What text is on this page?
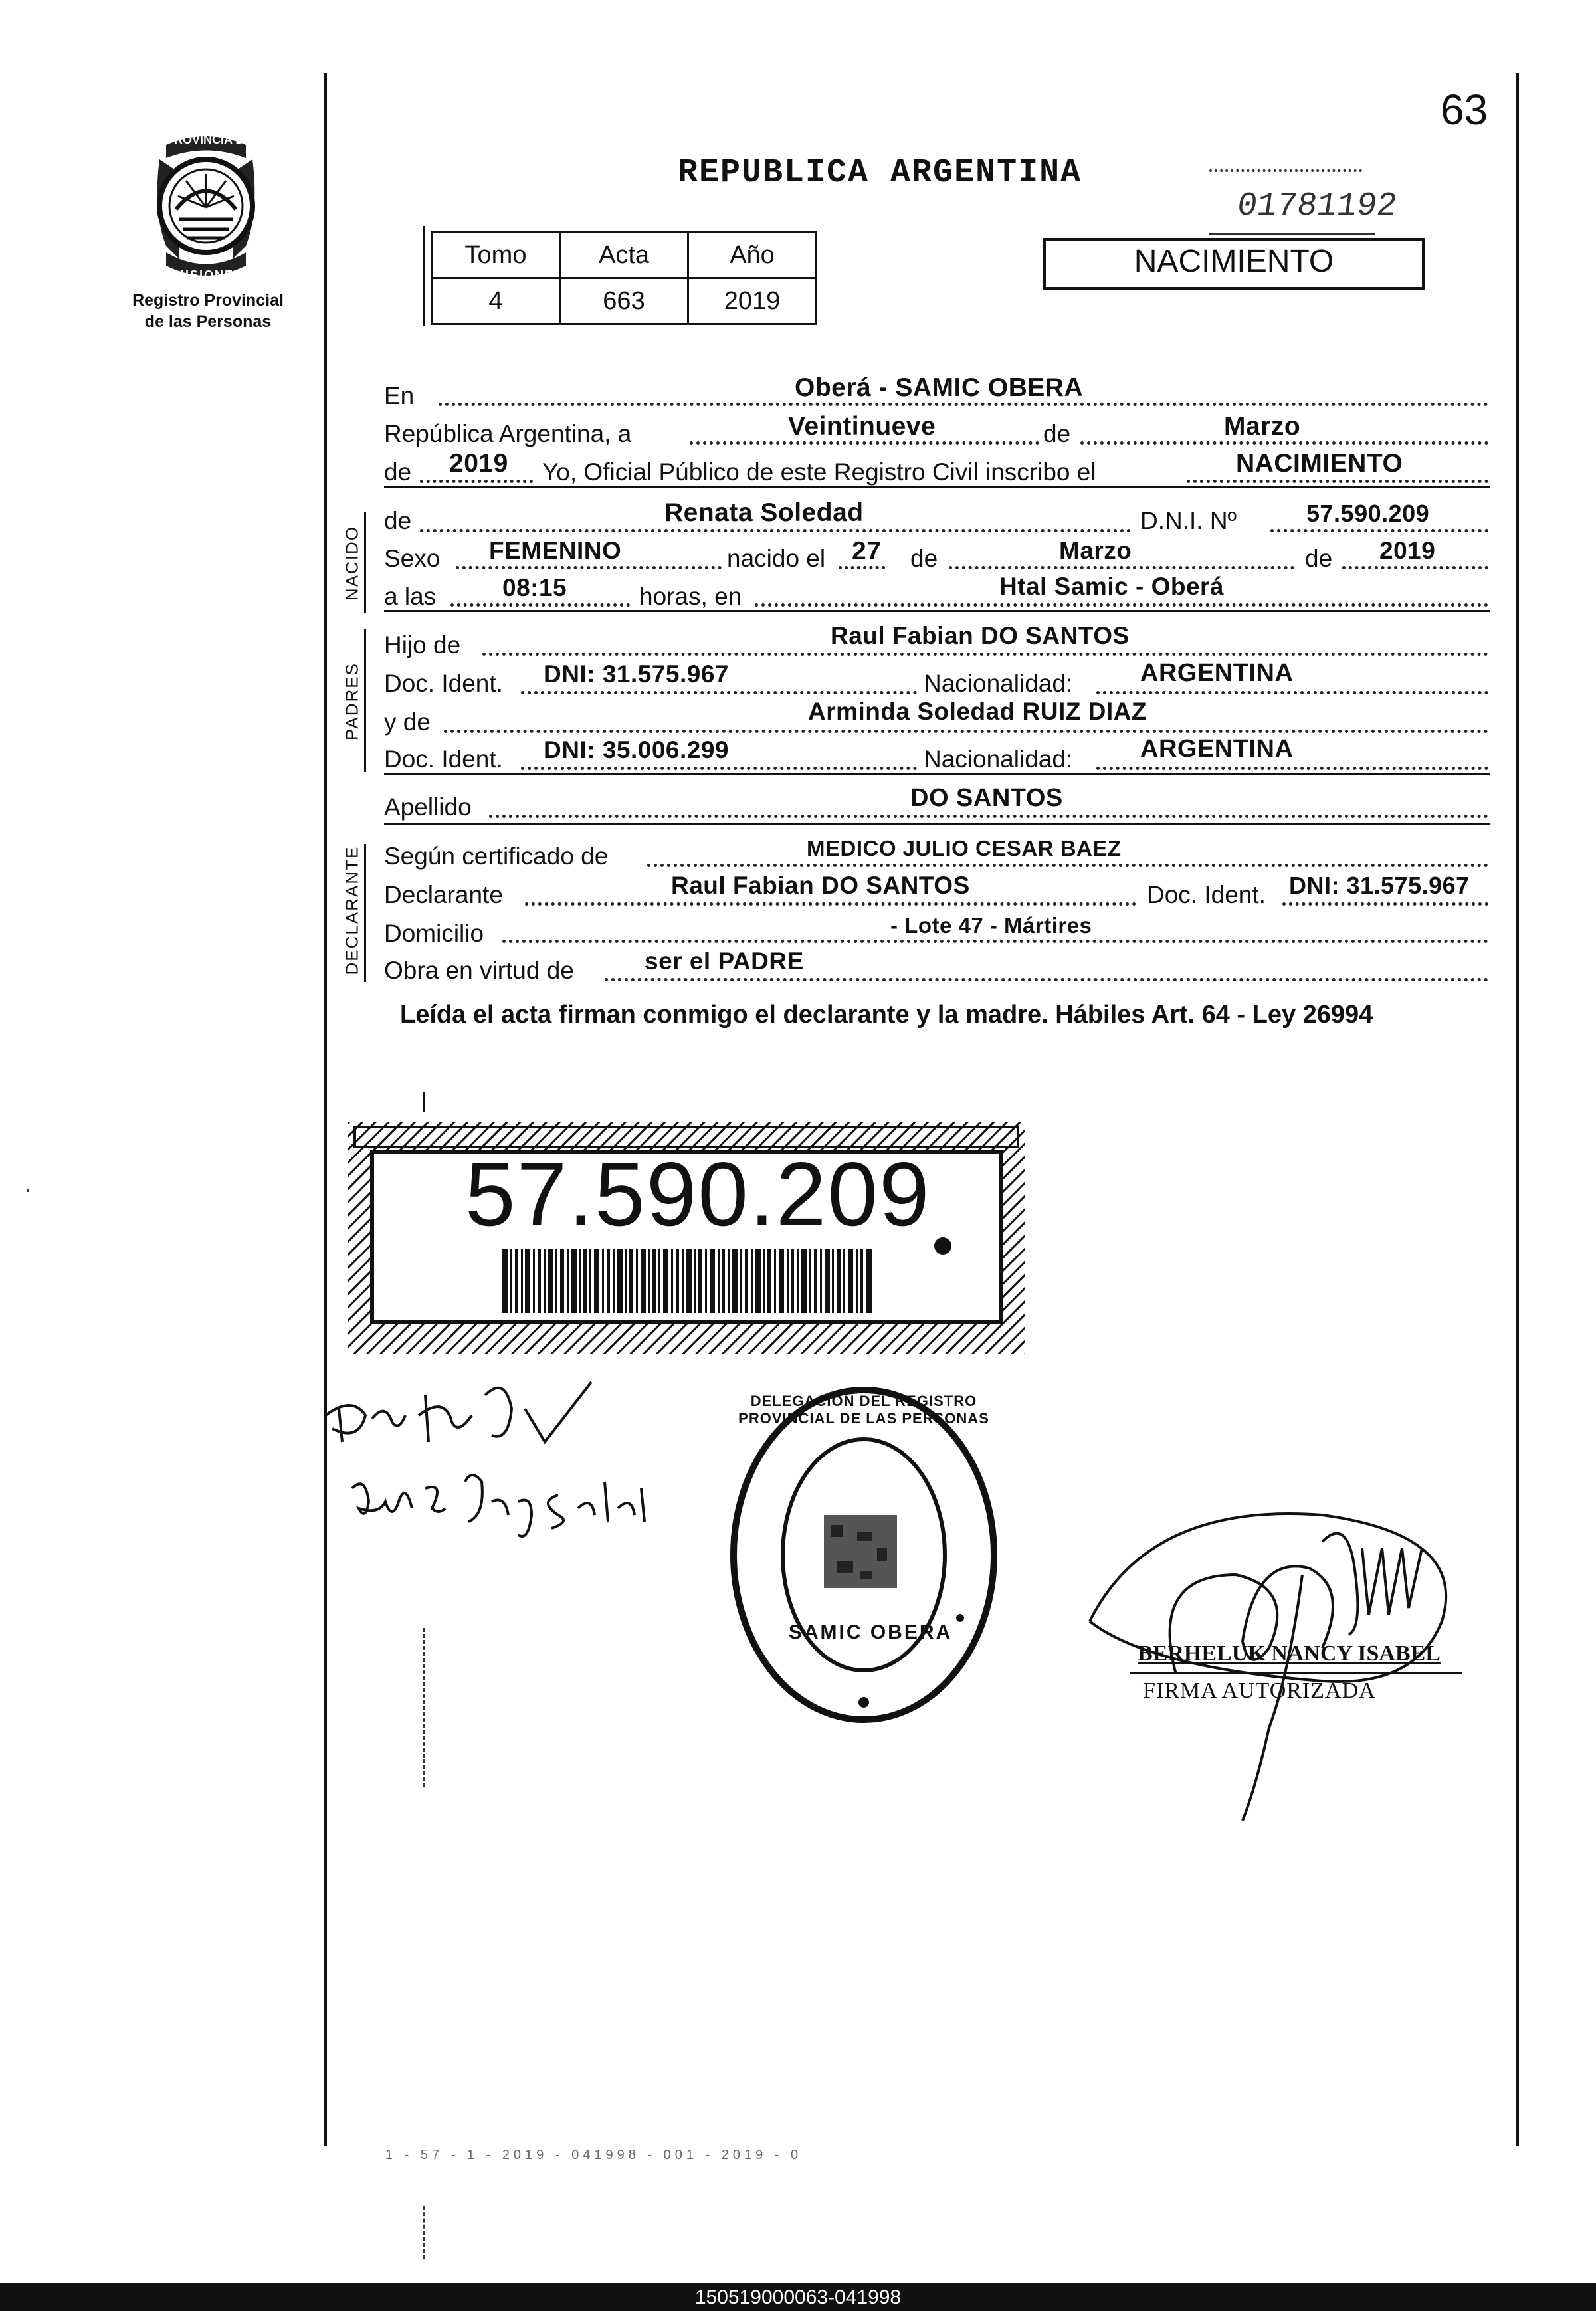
63
PROVINCIA DE
MISIONES
Registro Provincial
de las Personas
REPUBLICA ARGENTINA
01781192
NACIMIENTO
Tomo	Acta	Año
4	663	2019
En	Oberá - SAMIC OBERA
República Argentina, a	Veintinueve	de	Marzo
de 2019 Yo, Oficial Público de este Registro Civil inscribo el	NACIMIENTO
NACIDO
de	Renata Soledad	D.N.I. Nº	57.590.209
Sexo FEMENINO	nacido el 27 de	Marzo	de 2019
a las	08:15	horas, en	Htal Samic - Oberá
PADRES
Hijo de	Raul Fabian DO SANTOS
Doc. Ident. DNI: 31.575.967	Nacionalidad:	ARGENTINA
y de	Arminda Soledad RUIZ DIAZ
Doc. Ident. DNI: 35.006.299	Nacionalidad:	ARGENTINA
Apellido	DO SANTOS
DECLARANTE Según certificado de	MEDICO JULIO CESAR BAEZ
Declarante	Raul Fabian DO SANTOS	Doc. Ident. DNI: 31.575.967
Domicilio	- Lote 47 - Mártires
Obra en virtud de	ser el PADRE
Leída el acta firman conmigo el declarante y la madre. Hábiles Art. 64 - Ley 26994
57.590.209
DELEGACION DEL REGISTRO PROVINCIAL DE LAS PERSONAS
SAMIC OBERA
BERHELUK NANCY ISABEL
FIRMA AUTORIZADA
1 - 57 - 1 - 2019 - 041998 - 001 - 2019 - 0
150519000063-041998
